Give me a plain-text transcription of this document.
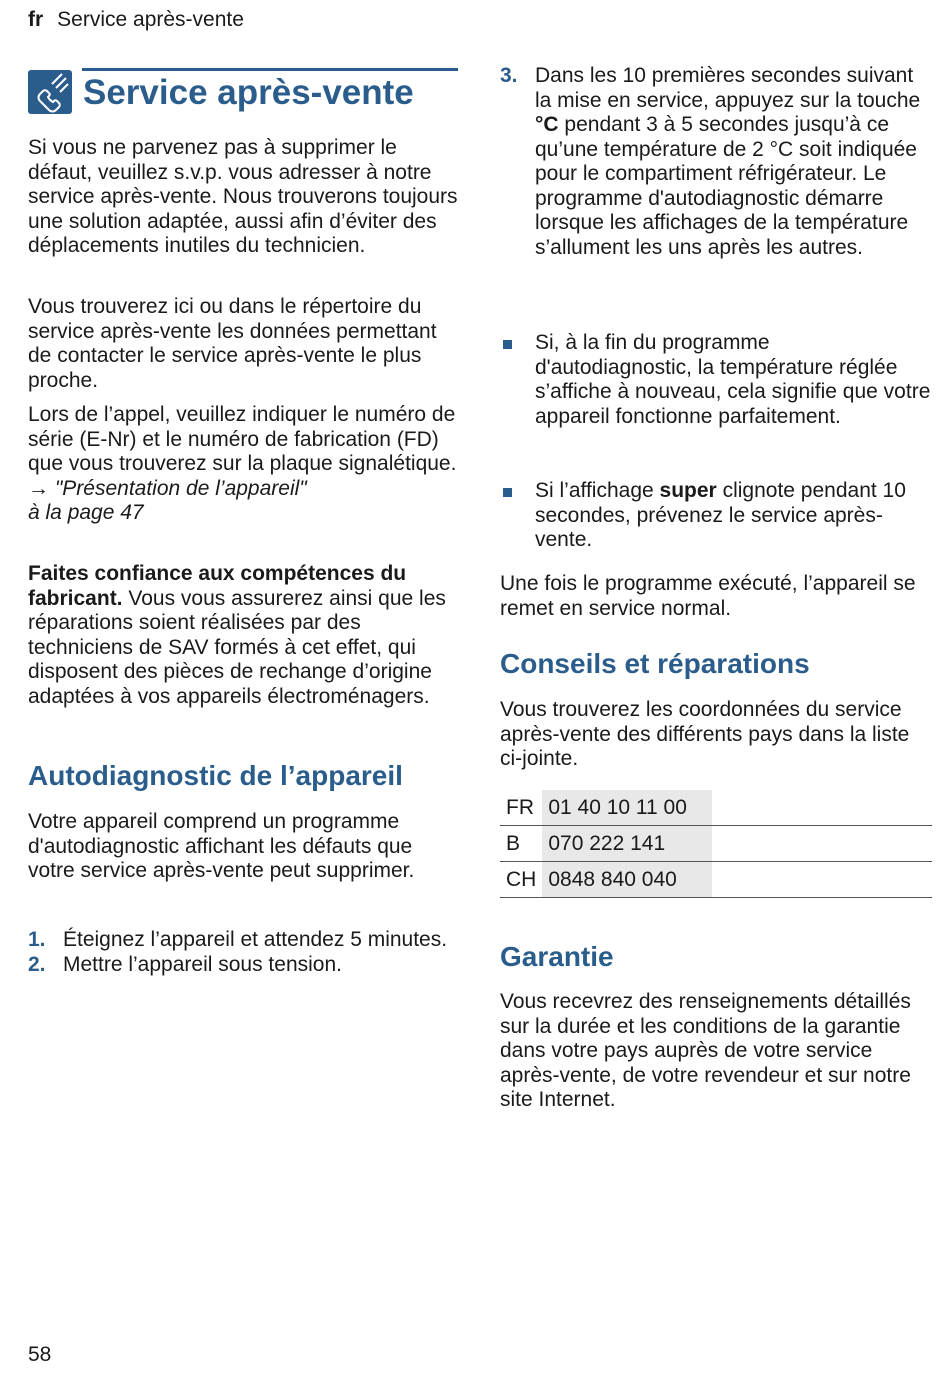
fr Service après-vente
Service après-vente

Si vous ne parvenez pas à supprimer le défaut, veuillez s.v.p. vous adresser à notre service après-vente. Nous trouverons toujours une solution adaptée, aussi afin d’éviter des déplacements inutiles du technicien.

Vous trouverez ici ou dans le répertoire du service après-vente les données permettant de contacter le service après-vente le plus proche.

Lors de l’appel, veuillez indiquer le numéro de série (E-Nr) et le numéro de fabrication (FD) que vous trouverez sur la plaque signalétique.
→ "Présentation de l’appareil"
à la page 47

Faites confiance aux compétences du fabricant. Vous vous assurerez ainsi que les réparations soient réalisées par des techniciens de SAV formés à cet effet, qui disposent des pièces de rechange d’origine adaptées à vos appareils électroménagers.

Autodiagnostic de l’appareil

Votre appareil comprend un programme d'autodiagnostic affichant les défauts que votre service après-vente peut supprimer.

1. Éteignez l’appareil et attendez 5 minutes.
2. Mettre l’appareil sous tension.
3. Dans les 10 premières secondes suivant la mise en service, appuyez sur la touche °C pendant 3 à 5 secondes jusqu’à ce qu’une température de 2 °C soit indiquée pour le compartiment réfrigérateur. Le programme d'autodiagnostic démarre lorsque les affichages de la température s’allument les uns après les autres.
Si, à la fin du programme d'autodiagnostic, la température réglée s’affiche à nouveau, cela signifie que votre appareil fonctionne parfaitement.
Si l’affichage super clignote pendant 10 secondes, prévenez le service après-vente.

Une fois le programme exécuté, l’appareil se remet en service normal.

Conseils et réparations

Vous trouverez les coordonnées du service après-vente des différents pays dans la liste ci-jointe.

FR	01 40 10 11 00	
B	070 222 141	
CH	0848 840 040	
Garantie

Vous recevrez des renseignements détaillés sur la durée et les conditions de la garantie dans votre pays auprès de votre service après-vente, de votre revendeur et sur notre site Internet.

58
